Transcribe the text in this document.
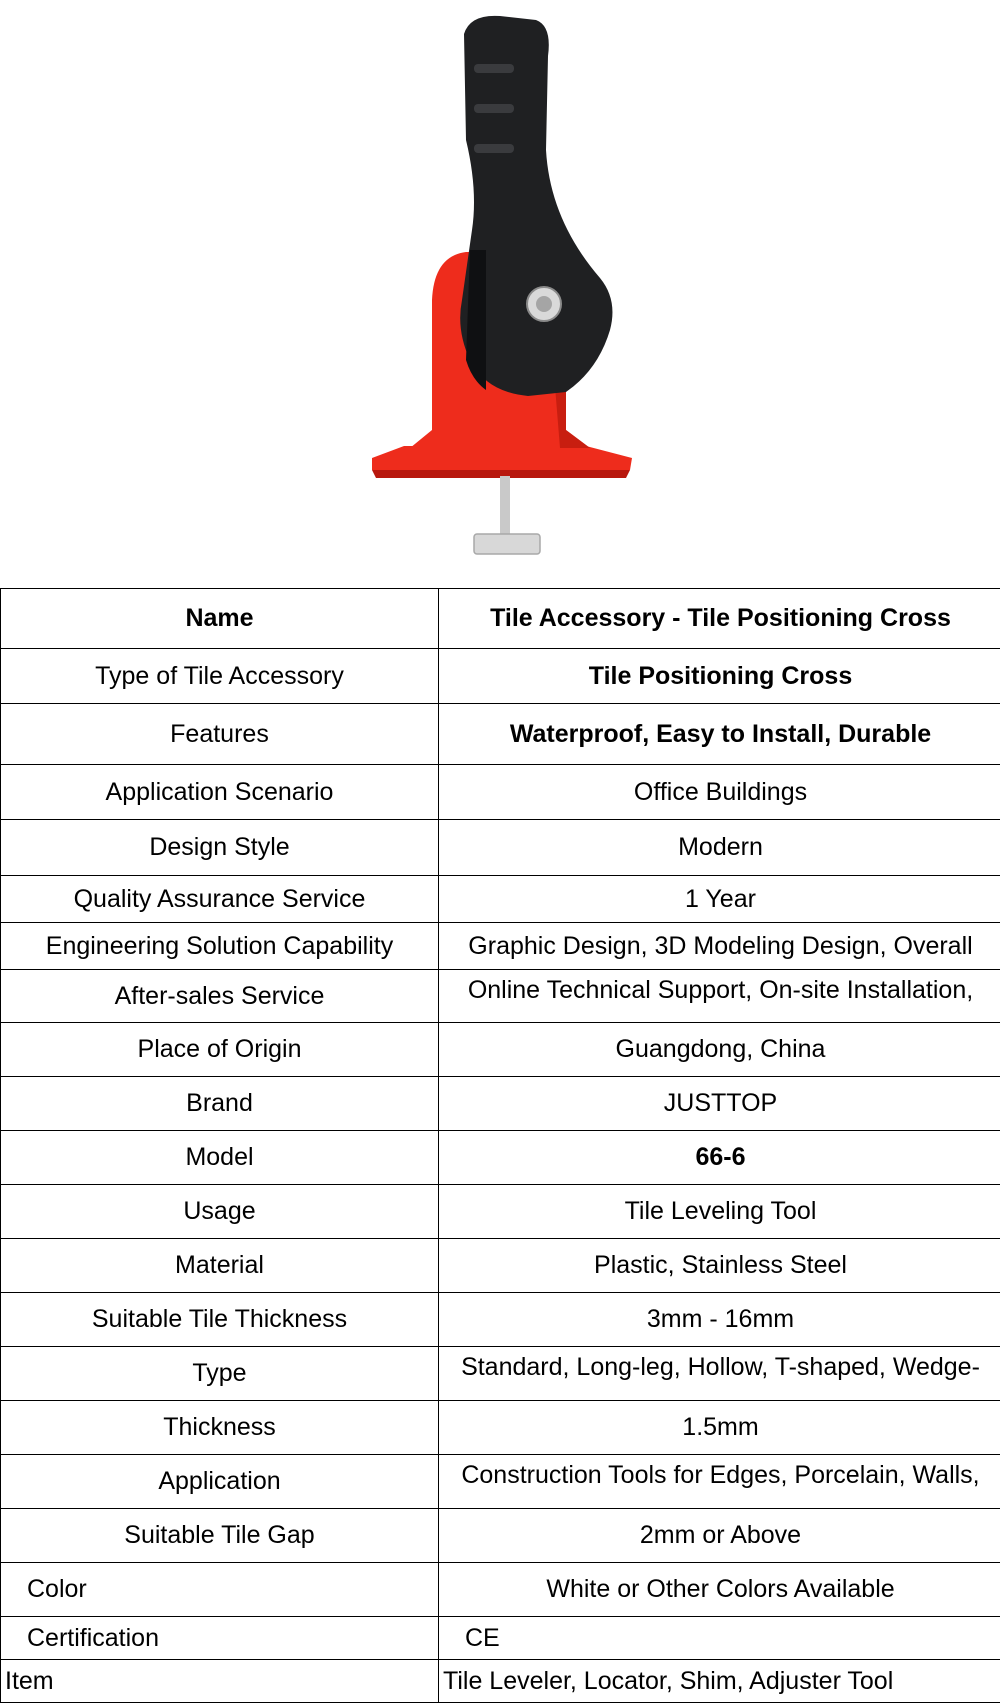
Name	Tile Accessory - Tile Positioning Cross
Type of Tile Accessory	Tile Positioning Cross
Features	Waterproof, Easy to Install, Durable
Application Scenario	Office Buildings
Design Style	Modern
Quality Assurance Service	1 Year
Engineering Solution Capability	Graphic Design, 3D Modeling Design, Overall
After-sales Service	Online Technical Support, On-site Installation,
Place of Origin	Guangdong, China
Brand	JUSTTOP
Model	66-6
Usage	Tile Leveling Tool
Material	Plastic, Stainless Steel
Suitable Tile Thickness	3mm - 16mm
Type	Standard, Long-leg, Hollow, T-shaped, Wedge-
Thickness	1.5mm
Application	Construction Tools for Edges, Porcelain, Walls,
Suitable Tile Gap	2mm or Above
Color	White or Other Colors Available
Certification	CE
Item	Tile Leveler, Locator, Shim, Adjuster Tool
